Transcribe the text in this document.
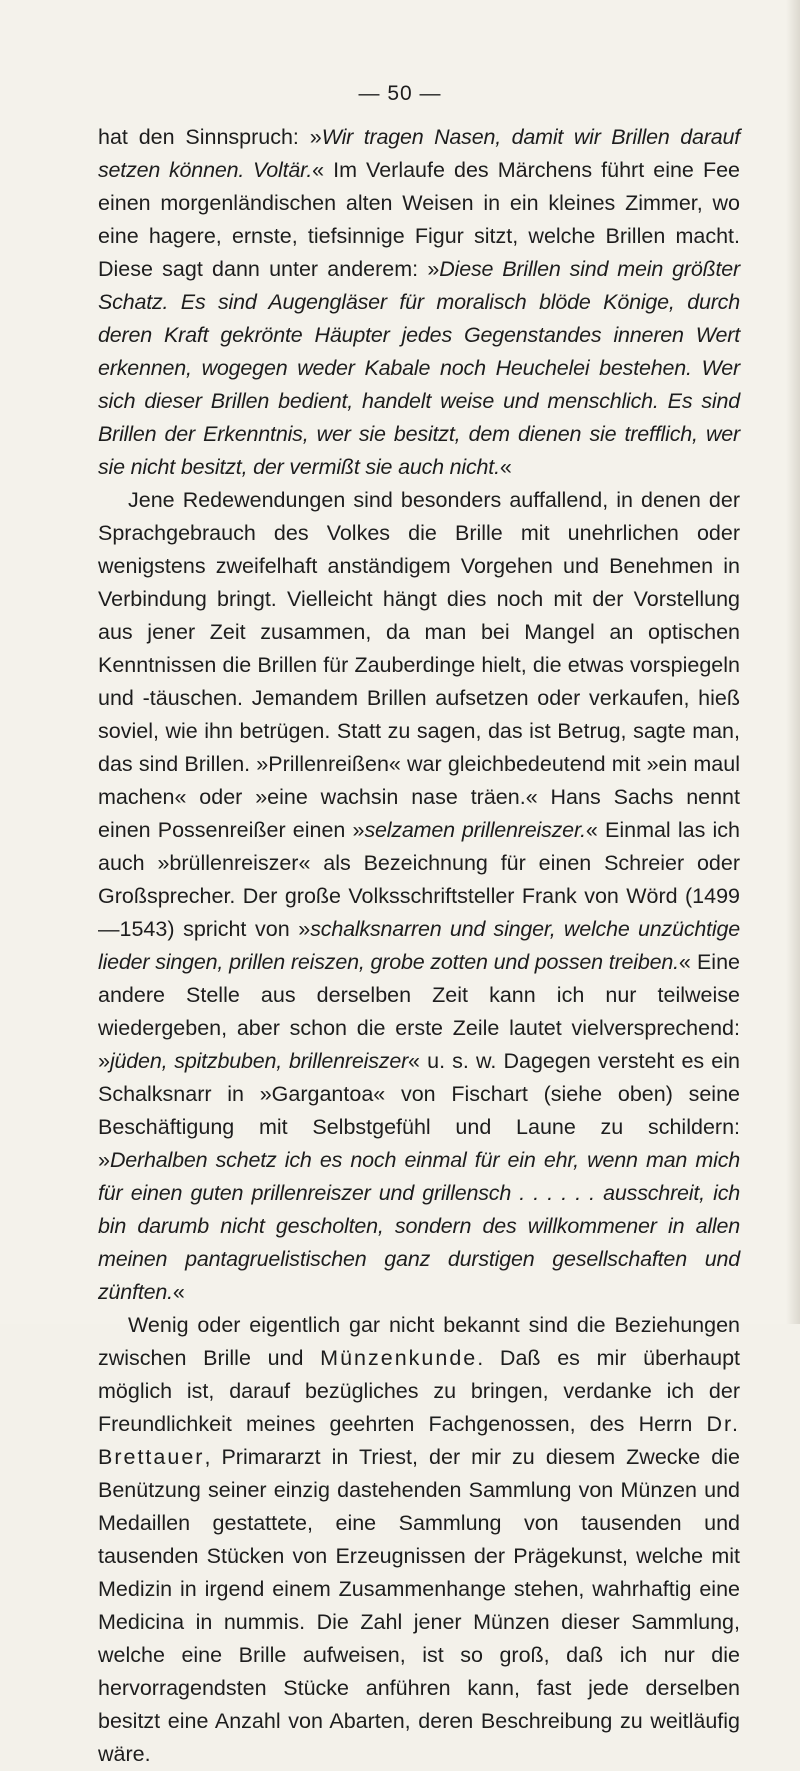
— 50 —

hat den Sinnspruch: »Wir tragen Nasen, damit wir Brillen darauf setzen können. Voltär.« Im Verlaufe des Märchens führt eine Fee einen morgenländischen alten Weisen in ein kleines Zimmer, wo eine hagere, ernste, tiefsinnige Figur sitzt, welche Brillen macht. Diese sagt dann unter anderem: »Diese Brillen sind mein größter Schatz. Es sind Augengläser für moralisch blöde Könige, durch deren Kraft gekrönte Häupter jedes Gegenstandes inneren Wert erkennen, wogegen weder Kabale noch Heuchelei bestehen. Wer sich dieser Brillen bedient, handelt weise und menschlich. Es sind Brillen der Erkenntnis, wer sie besitzt, dem dienen sie trefflich, wer sie nicht besitzt, der vermißt sie auch nicht.«

Jene Redewendungen sind besonders auffallend, in denen der Sprachgebrauch des Volkes die Brille mit unehrlichen oder wenigstens zweifelhaft anständigem Vorgehen und Benehmen in Verbindung bringt. Vielleicht hängt dies noch mit der Vorstellung aus jener Zeit zusammen, da man bei Mangel an optischen Kenntnissen die Brillen für Zauberdinge hielt, die etwas vorspiegeln und -täuschen. Jemandem Brillen aufsetzen oder verkaufen, hieß soviel, wie ihn betrügen. Statt zu sagen, das ist Betrug, sagte man, das sind Brillen. »Prillenreißen« war gleichbedeutend mit »ein maul machen« oder »eine wachsin nase träen.« Hans Sachs nennt einen Possenreißer einen »selzamen prillenreiszer.« Einmal las ich auch »brüllenreiszer« als Bezeichnung für einen Schreier oder Großsprecher. Der große Volksschriftsteller Frank von Wörd (1499—1543) spricht von »schalksnarren und singer, welche unzüchtige lieder singen, prillen reiszen, grobe zotten und possen treiben.« Eine andere Stelle aus derselben Zeit kann ich nur teilweise wiedergeben, aber schon die erste Zeile lautet vielversprechend: »jüden, spitzbuben, brillenreiszer« u. s. w. Dagegen versteht es ein Schalksnarr in »Gargantoa« von Fischart (siehe oben) seine Beschäftigung mit Selbstgefühl und Laune zu schildern: »Derhalben schetz ich es noch einmal für ein ehr, wenn man mich für einen guten prillenreiszer und grillensch . . . . . . ausschreit, ich bin darumb nicht gescholten, sondern des willkommener in allen meinen pantagruelistischen ganz durstigen gesellschaften und zünften.«

Wenig oder eigentlich gar nicht bekannt sind die Beziehungen zwischen Brille und Münzenkunde. Daß es mir überhaupt möglich ist, darauf bezügliches zu bringen, verdanke ich der Freundlichkeit meines geehrten Fachgenossen, des Herrn Dr. Brettauer, Primararzt in Triest, der mir zu diesem Zwecke die Benützung seiner einzig dastehenden Sammlung von Münzen und Medaillen gestattete, eine Sammlung von tausenden und tausenden Stücken von Erzeugnissen der Prägekunst, welche mit Medizin in irgend einem Zusammenhange stehen, wahrhaftig eine Medicina in nummis. Die Zahl jener Münzen dieser Sammlung, welche eine Brille aufweisen, ist so groß, daß ich nur die hervorragendsten Stücke anführen kann, fast jede derselben besitzt eine Anzahl von Abarten, deren Beschreibung zu weitläufig wäre.
